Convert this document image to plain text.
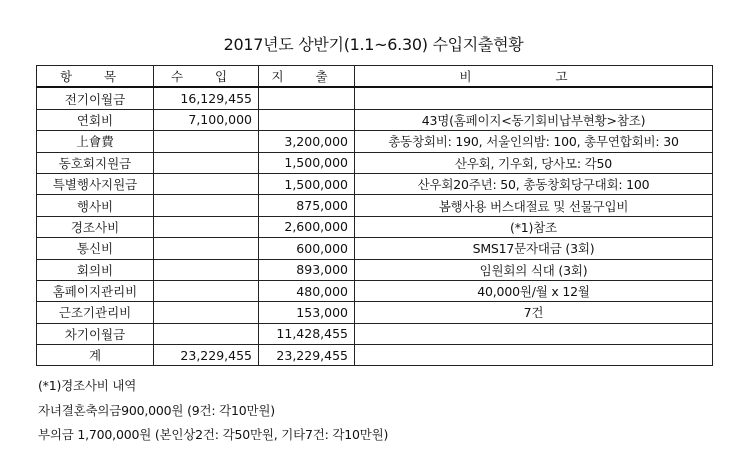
2017년도 상반기(1.1~6.30) 수입지출현황
항 목	수 입	지 출	비 고
전기이월금	16,129,455		
연회비	7,100,000		43명(홈페이지<동기회비납부현황>참조)
上會費		3,200,000	총동창회비: 190, 서울인의밤: 100, 총무연합회비: 30
동호회지원금		1,500,000	산우회, 기우회, 당사모: 각50
특별행사지원금		1,500,000	산우회20주년: 50, 총동창회당구대회: 100
행사비		875,000	봄행사용 버스대절료 및 선물구입비
경조사비		2,600,000	(*1)참조
통신비		600,000	SMS17문자대금 (3회)
회의비		893,000	임원회의 식대 (3회)
홈페이지관리비		480,000	40,000원/월 x 12월
근조기관리비		153,000	7건
차기이월금		11,428,455	
계	23,229,455	23,229,455	
(*1)경조사비 내역
자녀결혼축의금900,000원 (9건: 각10만원)
부의금 1,700,000원 (본인상2건: 각50만원, 기타7건: 각10만원)
